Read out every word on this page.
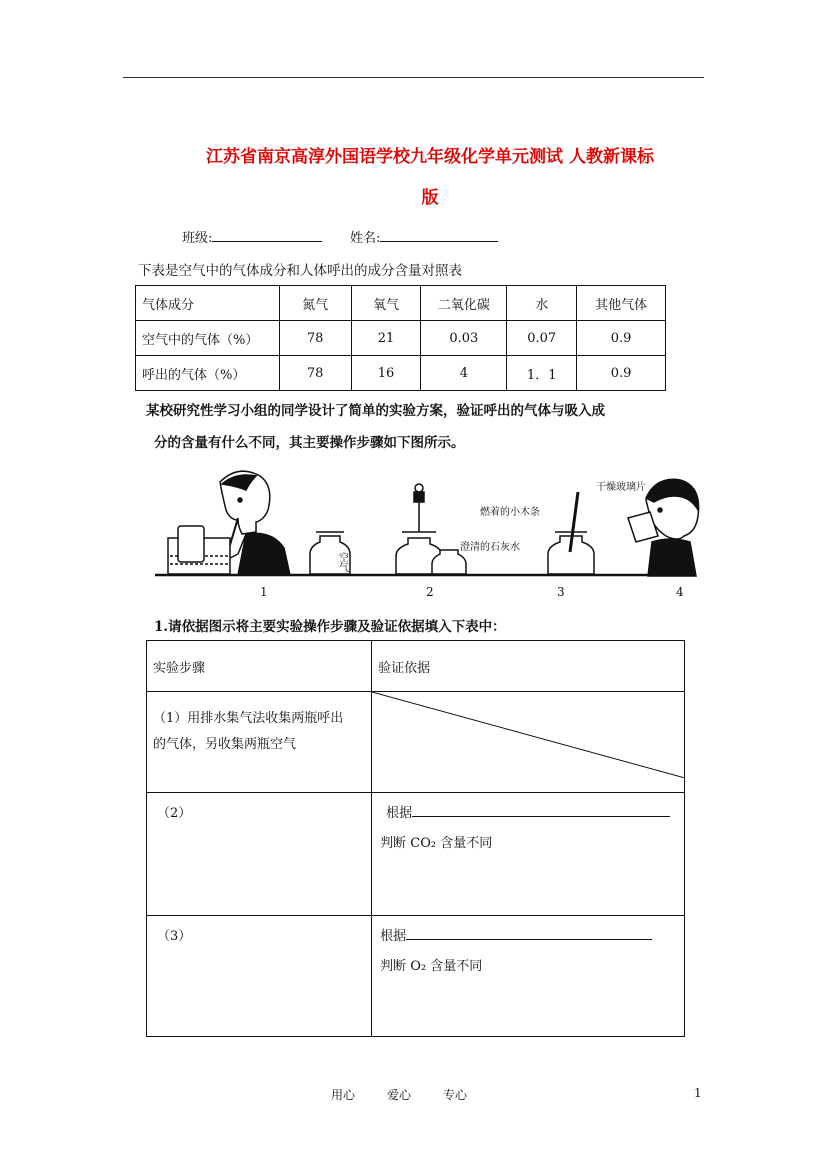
江苏省南京高淳外国语学校九年级化学单元测试 人教新课标
版
班级:	姓名:
下表是空气中的气体成分和人体呼出的成分含量对照表
气体成分	氮气	氧气	二氧化碳	水	其他气体
空气中的气体（%）	78	21	0.03	0.07	0.9
呼出的气体（%）	78	16	4	1．1	0.9
某校研究性学习小组的同学设计了简单的实验方案，验证呼出的气体与吸入成
分的含量有什么不同，其主要操作步骤如下图所示。
空气
澄清的石灰水
燃着的小木条
干燥玻璃片
1	2	3	4
1.请依据图示将主要实验操作步骤及验证依据填入下表中：
实验步骤	验证依据

（1）用排水集气法收集两瓶呼出
的气体，另收集两瓶空气

（2）	根据
判断 CO₂ 含量不同

（3）	根据
判断 O₂ 含量不同
用心	爱心	专心	1
